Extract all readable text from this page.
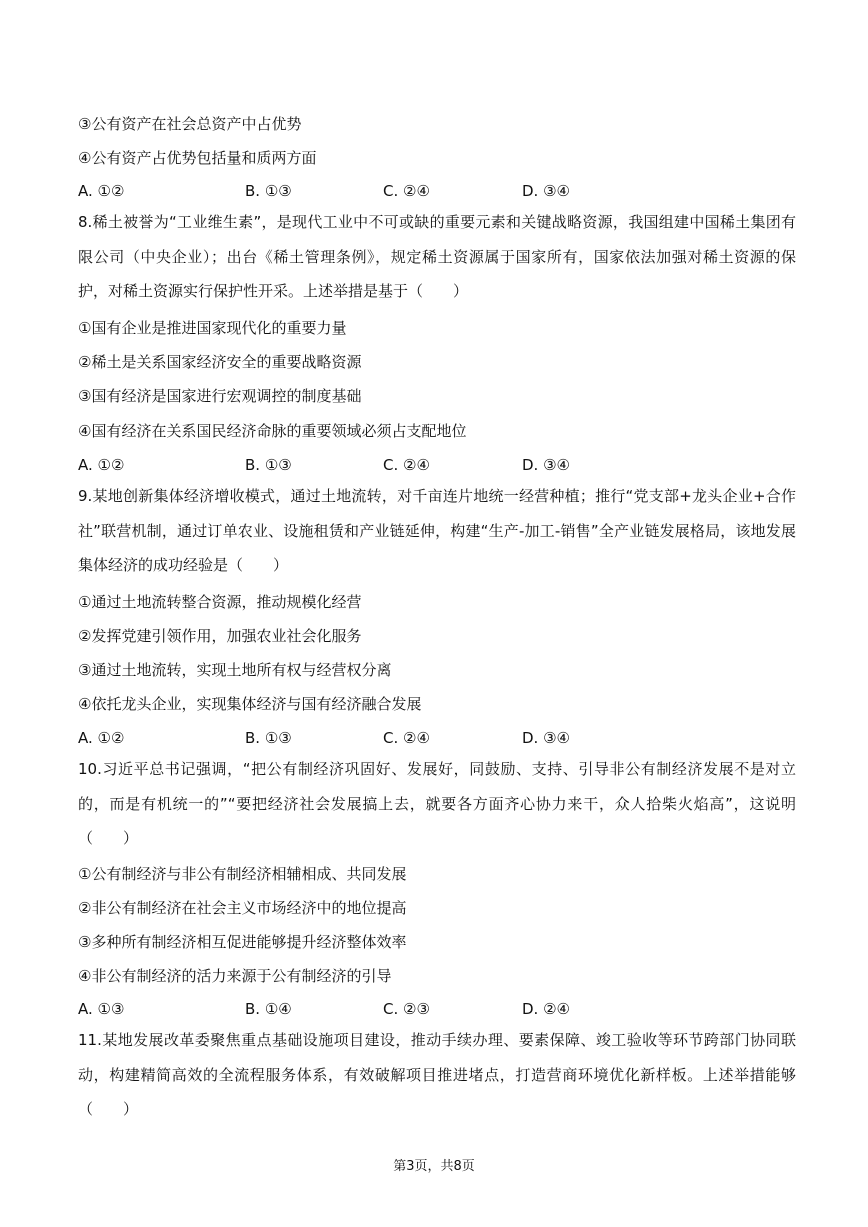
③公有资产在社会总资产中占优势
④公有资产占优势包括量和质两方面
A. ①②	B. ①③	C. ②④	D. ③④
8.稀土被誉为“工业维生素”，是现代工业中不可或缺的重要元素和关键战略资源，我国组建中国稀土集团有限公司（中央企业）；出台《稀土管理条例》，规定稀土资源属于国家所有，国家依法加强对稀土资源的保护，对稀土资源实行保护性开采。上述举措是基于（　　）
①国有企业是推进国家现代化的重要力量
②稀土是关系国家经济安全的重要战略资源
③国有经济是国家进行宏观调控的制度基础
④国有经济在关系国民经济命脉的重要领域必须占支配地位
A. ①②	B. ①③	C. ②④	D. ③④
9.某地创新集体经济增收模式，通过土地流转，对千亩连片地统一经营种植；推行“党支部+龙头企业+合作社”联营机制，通过订单农业、设施租赁和产业链延伸，构建“生产-加工-销售”全产业链发展格局，该地发展集体经济的成功经验是（　　）
①通过土地流转整合资源，推动规模化经营
②发挥党建引领作用，加强农业社会化服务
③通过土地流转，实现土地所有权与经营权分离
④依托龙头企业，实现集体经济与国有经济融合发展
A. ①②	B. ①③	C. ②④	D. ③④
10.习近平总书记强调，“把公有制经济巩固好、发展好，同鼓励、支持、引导非公有制经济发展不是对立的，而是有机统一的”“要把经济社会发展搞上去，就要各方面齐心协力来干，众人拾柴火焰高”，这说明（　　）
①公有制经济与非公有制经济相辅相成、共同发展
②非公有制经济在社会主义市场经济中的地位提高
③多种所有制经济相互促进能够提升经济整体效率
④非公有制经济的活力来源于公有制经济的引导
A. ①③	B. ①④	C. ②③	D. ②④
11.某地发展改革委聚焦重点基础设施项目建设，推动手续办理、要素保障、竣工验收等环节跨部门协同联动，构建精简高效的全流程服务体系，有效破解项目推进堵点，打造营商环境优化新样板。上述举措能够（　　）
第3页，共8页
